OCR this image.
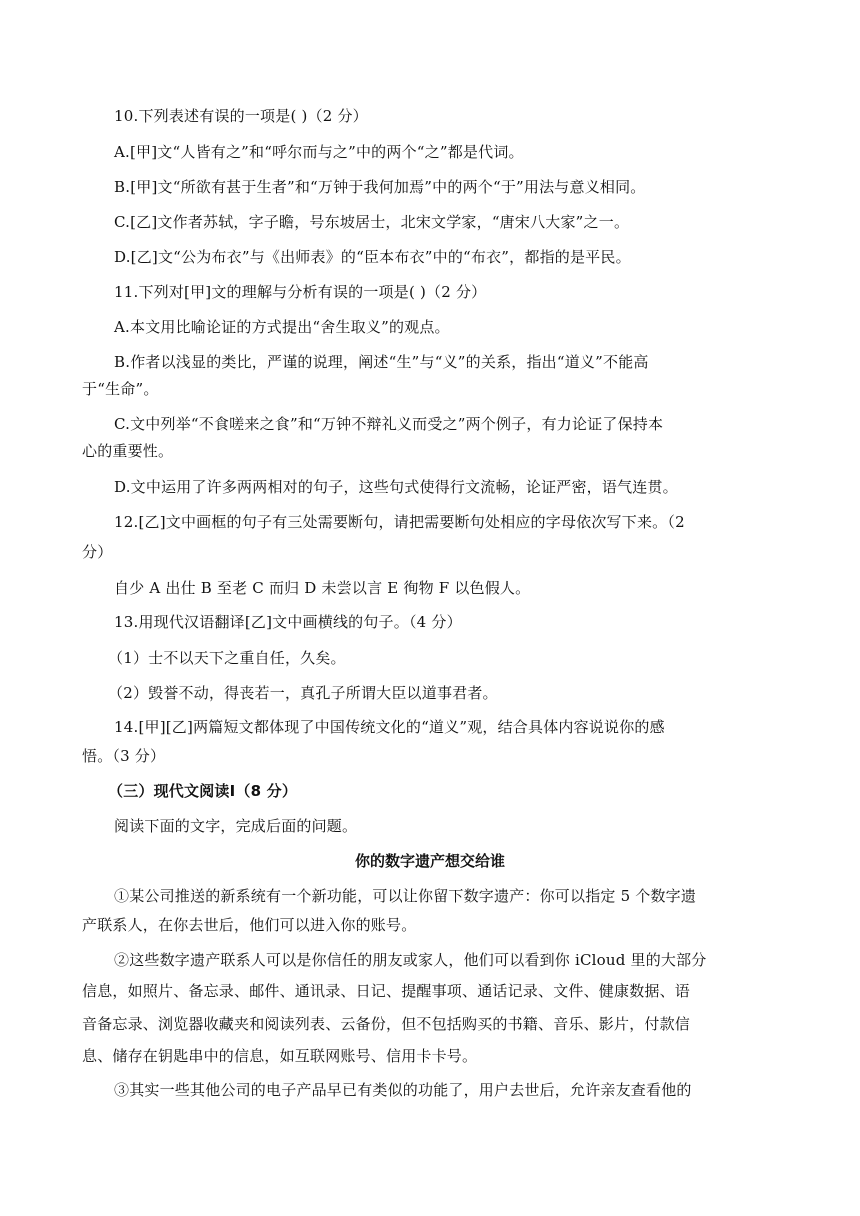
10.下列表述有误的一项是( )（2 分）
A.[甲]文“人皆有之”和“呼尔而与之”中的两个“之”都是代词。
B.[甲]文“所欲有甚于生者”和“万钟于我何加焉”中的两个“于”用法与意义相同。
C.[乙]文作者苏轼，字子瞻，号东坡居士，北宋文学家，“唐宋八大家”之一。
D.[乙]文“公为布衣”与《出师表》的“臣本布衣”中的“布衣”，都指的是平民。
11.下列对[甲]文的理解与分析有误的一项是( )（2 分）
A.本文用比喻论证的方式提出“舍生取义”的观点。
B.作者以浅显的类比，严谨的说理，阐述“生”与“义”的关系，指出“道义”不能高
于“生命”。
C.文中列举“不食嗟来之食”和“万钟不辩礼义而受之”两个例子，有力论证了保持本
心的重要性。
D.文中运用了许多两两相对的句子，这些句式使得行文流畅，论证严密，语气连贯。
12.[乙]文中画框的句子有三处需要断句，请把需要断句处相应的字母依次写下来。（2
分）
自少 A 出仕 B 至老 C 而归 D 未尝以言 E 徇物 F 以色假人。
13.用现代汉语翻译[乙]文中画横线的句子。（4 分）
（1）士不以天下之重自任，久矣。
（2）毁誉不动，得丧若一，真孔子所谓大臣以道事君者。
14.[甲][乙]两篇短文都体现了中国传统文化的“道义”观，结合具体内容说说你的感
悟。（3 分）
（三）现代文阅读Ⅰ（8 分）
阅读下面的文字，完成后面的问题。
你的数字遗产想交给谁
①某公司推送的新系统有一个新功能，可以让你留下数字遗产：你可以指定 5 个数字遗
产联系人，在你去世后，他们可以进入你的账号。
②这些数字遗产联系人可以是你信任的朋友或家人，他们可以看到你 iCloud 里的大部分
信息，如照片、备忘录、邮件、通讯录、日记、提醒事项、通话记录、文件、健康数据、语
音备忘录、浏览器收藏夹和阅读列表、云备份，但不包括购买的书籍、音乐、影片，付款信
息、储存在钥匙串中的信息，如互联网账号、信用卡卡号。
③其实一些其他公司的电子产品早已有类似的功能了，用户去世后，允许亲友查看他的
